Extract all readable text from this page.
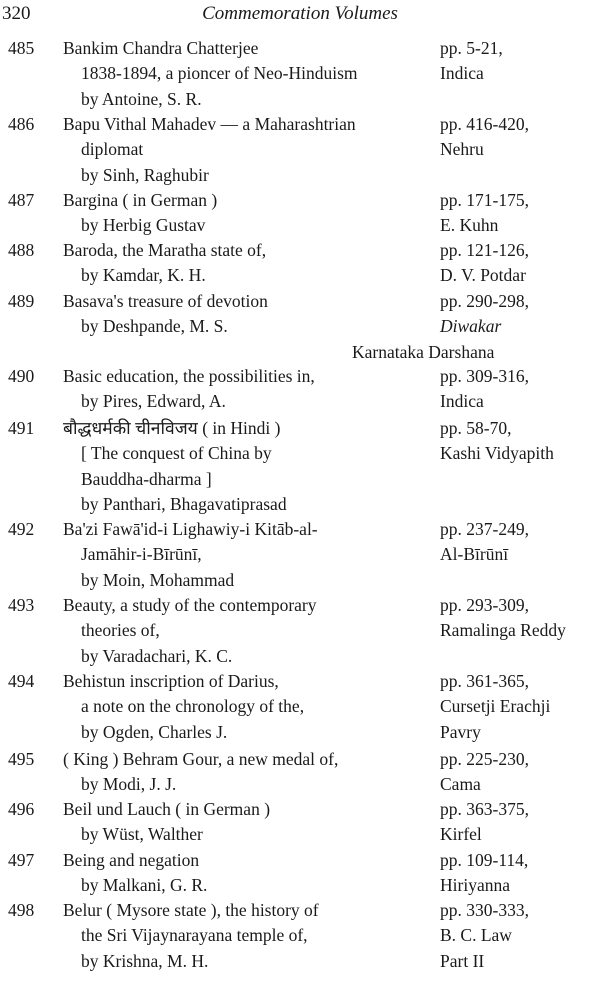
320	Commemoration Volumes
485	Bankim Chandra Chatterjee
1838-1894, a pioncer of Neo-Hinduism
by Antoine, S. R.
pp. 5-21,
Indica
486	Bapu Vithal Mahadev — a Maharashtrian
diplomat
by Sinh, Raghubir
pp. 416-420,
Nehru
487	Bargina ( in German )
by Herbig Gustav
pp. 171-175,
E. Kuhn
488	Baroda, the Maratha state of,
by Kamdar, K. H.
pp. 121-126,
D. V. Potdar
489	Basava's treasure of devotion
by Deshpande, M. S.
pp. 290-298,
Diwakar
Karnataka Darshana
490	Basic education, the possibilities in,
by Pires, Edward, A.
pp. 309-316,
Indica
491	बौद्धधर्मकी चीनविजय ( in Hindi )
[ The conquest of China by
Bauddha-dharma ]
by Panthari, Bhagavatiprasad
pp. 58-70,
Kashi Vidyapith
492	Ba'zi Fawā'id-i Lighawiy-i Kitāb-al-
Jamāhir-i-Bīrūnī,
by Moin, Mohammad
pp. 237-249,
Al-Bīrūnī
493	Beauty, a study of the contemporary
theories of,
by Varadachari, K. C.
pp. 293-309,
Ramalinga Reddy
494	Behistun inscription of Darius,
a note on the chronology of the,
by Ogden, Charles J.
pp. 361-365,
Cursetji Erachji
Pavry
495	( King ) Behram Gour, a new medal of,
by Modi, J. J.
pp. 225-230,
Cama
496	Beil und Lauch ( in German )
by Wüst, Walther
pp. 363-375,
Kirfel
497	Being and negation
by Malkani, G. R.
pp. 109-114,
Hiriyanna
498	Belur ( Mysore state ), the history of
the Sri Vijaynarayana temple of,
by Krishna, M. H.
pp. 330-333,
B. C. Law
Part II
